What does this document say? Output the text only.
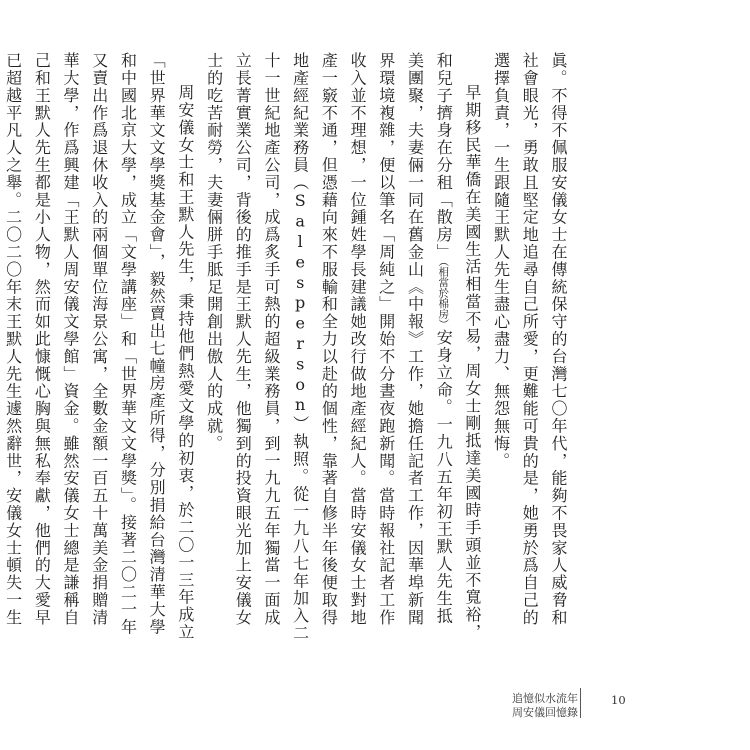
眞。不得不佩服安儀女士在傳統保守的台灣七〇年代，能夠不畏家人威脅和社會眼光，勇敢且堅定地追尋自己所愛，更難能可貴的是，她勇於爲自己的選擇負責，一生跟隨王默人先生盡心盡力、無怨無悔。

早期移民華僑在美國生活相當不易，周女士剛抵達美國時手頭並不寬裕，和兒子擠身在分租「散房」（相當於棉房）安身立命。一九八五年初王默人先生抵美團聚，夫妻倆一同在舊金山《中報》工作，她擔任記者工作，因華埠新聞界環境複雜，便以筆名「周純之」開始不分晝夜跑新聞。當時報社記者工作收入並不理想，一位鍾姓學長建議她改行做地產經紀人。當時安儀女士對地產一竅不通，但憑藉向來不服輸和全力以赴的個性，靠著自修半年後便取得地產經紀業務員（Salesperson）執照。從一九八七年加入二十一世紀地產公司，成爲炙手可熱的超級業務員，到一九九五年獨當一面成立長菁實業公司，背後的推手是王默人先生，他獨到的投資眼光加上安儀女士的吃苦耐勞，夫妻倆胼手胝足開創出傲人的成就。

周安儀女士和王默人先生，秉持他們熱愛文學的初衷，於二〇一三年成立「世界華文文學獎基金會」，毅然賣出七幢房產所得，分別捐給台灣清華大學和中國北京大學，成立「文學講座」和「世界華文文學獎」。接著二〇二一年又賣出作爲退休收入的兩個單位海景公寓，全數金額一百五十萬美金捐贈清華大學，作爲興建「王默人周安儀文學館」資金。雖然安儀女士總是謙稱自己和王默人先生都是小人物，然而如此慷慨心胸與無私奉獻，他們的大愛早已超越平凡人之舉。二〇二〇年末王默人先生遽然辭世，安儀女士頓失一生

追憶似水流年
周安儀回憶錄
10
